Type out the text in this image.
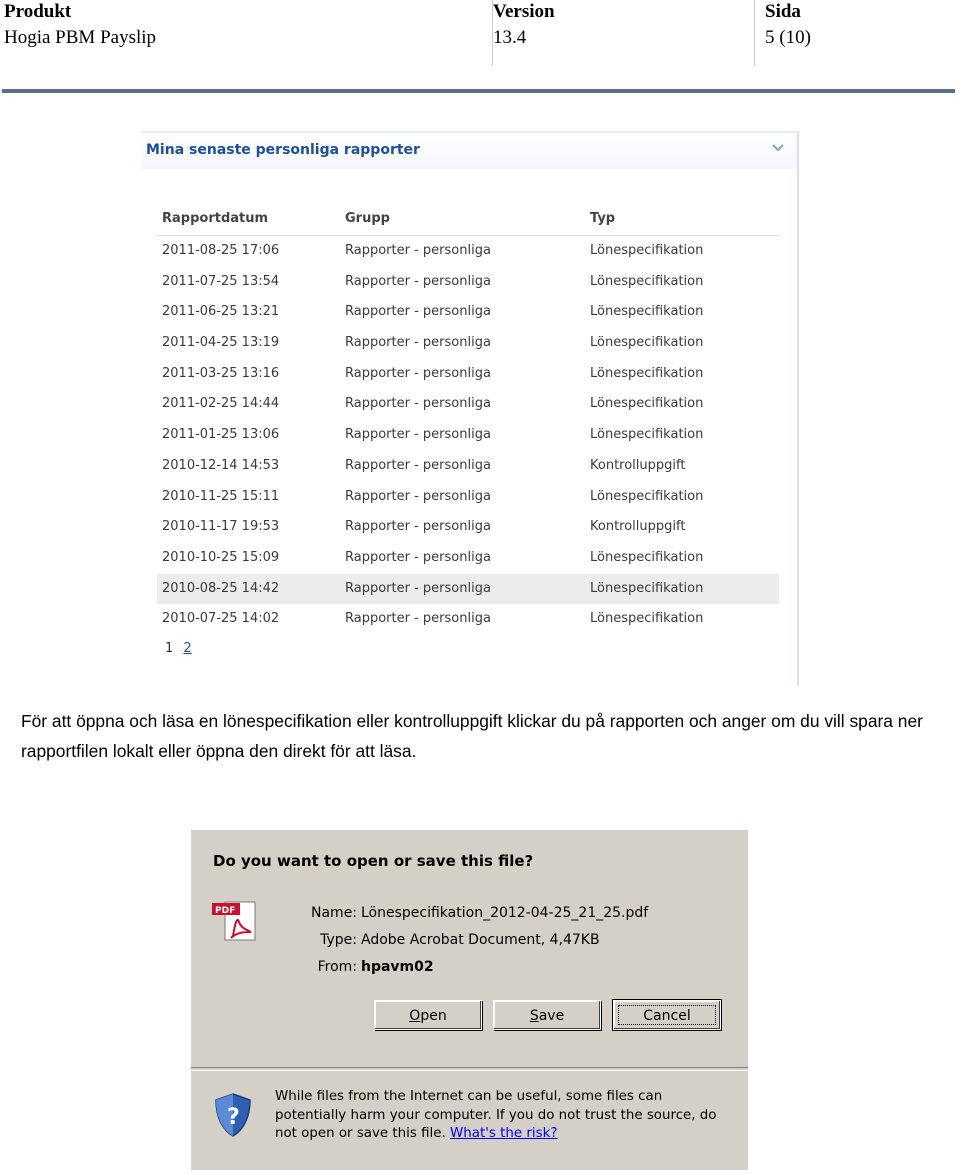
Produkt
Hogia PBM Payslip
Version
13.4
Sida
5 (10)
Mina senaste personliga rapporter
Rapportdatum	Grupp	Typ
2011-08-25 17:06	Rapporter - personliga	Lönespecifikation
2011-07-25 13:54	Rapporter - personliga	Lönespecifikation
2011-06-25 13:21	Rapporter - personliga	Lönespecifikation
2011-04-25 13:19	Rapporter - personliga	Lönespecifikation
2011-03-25 13:16	Rapporter - personliga	Lönespecifikation
2011-02-25 14:44	Rapporter - personliga	Lönespecifikation
2011-01-25 13:06	Rapporter - personliga	Lönespecifikation
2010-12-14 14:53	Rapporter - personliga	Kontrolluppgift
2010-11-25 15:11	Rapporter - personliga	Lönespecifikation
2010-11-17 19:53	Rapporter - personliga	Kontrolluppgift
2010-10-25 15:09	Rapporter - personliga	Lönespecifikation
2010-08-25 14:42	Rapporter - personliga	Lönespecifikation
2010-07-25 14:02	Rapporter - personliga	Lönespecifikation
1 2
För att öppna och läsa en lönespecifikation eller kontrolluppgift klickar du på rapporten och anger om du vill spara ner rapportfilen lokalt eller öppna den direkt för att läsa.
Do you want to open or save this file?
PDF	Name: Lönespecifikation_2012-04-25_21_25.pdf
Type: Adobe Acrobat Document, 4,47KB
From: hpavm02
Open	Save	Cancel
?
While files from the Internet can be useful, some files can potentially harm your computer. If you do not trust the source, do not open or save this file. What's the risk?
